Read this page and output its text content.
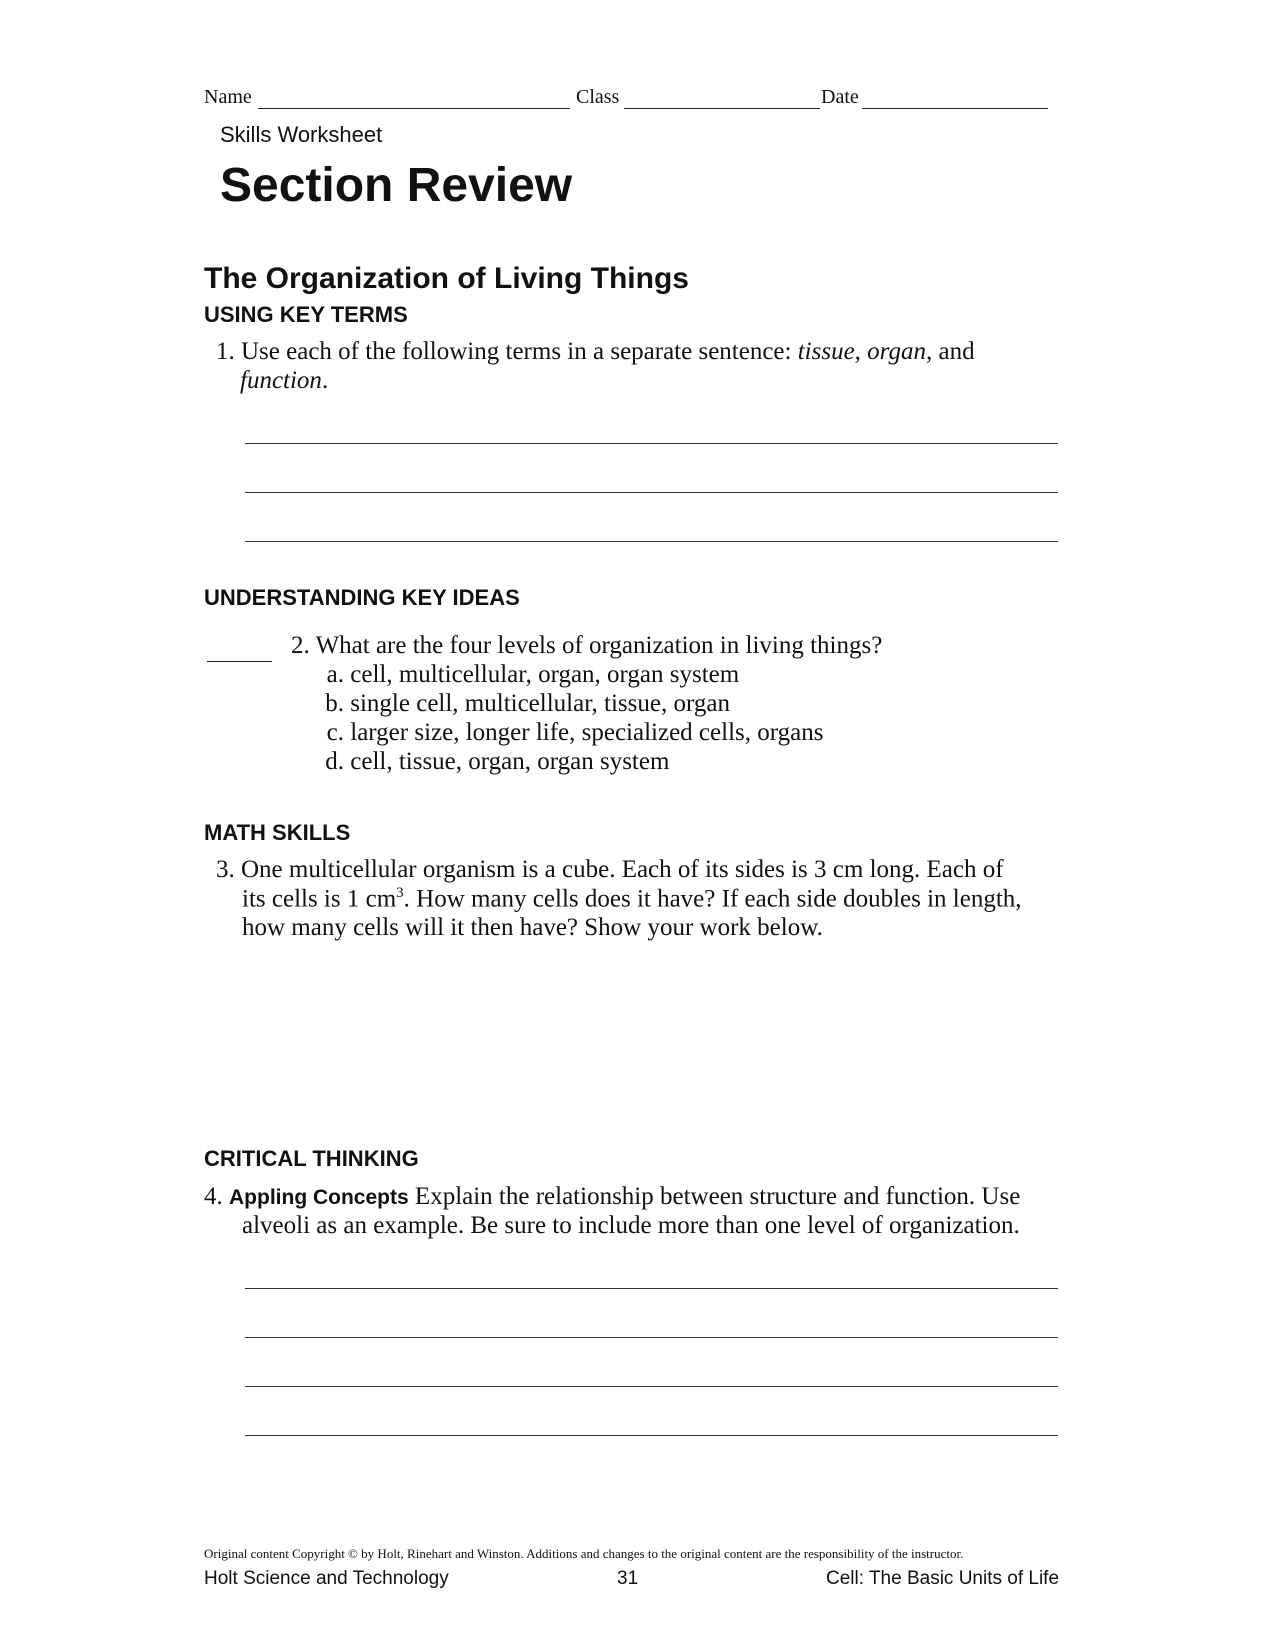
Name	Class	Date
Skills Worksheet
Section Review
The Organization of Living Things
USING KEY TERMS
1. Use each of the following terms in a separate sentence: tissue, organ, and
function.
UNDERSTANDING KEY IDEAS
2. What are the four levels of organization in living things?
a. cell, multicellular, organ, organ system
b. single cell, multicellular, tissue, organ
c. larger size, longer life, specialized cells, organs
d. cell, tissue, organ, organ system
MATH SKILLS
3. One multicellular organism is a cube. Each of its sides is 3 cm long. Each of
its cells is 1 $cm^3$. How many cells does it have? If each side doubles in length,
how many cells will it then have? Show your work below.
CRITICAL THINKING
4. Appling Concepts Explain the relationship between structure and function. Use
alveoli as an example. Be sure to include more than one level of organization.
Original content Copyright © by Holt, Rinehart and Winston. Additions and changes to the original content are the responsibility of the instructor.
Holt Science and Technology	31	Cell: The Basic Units of Life
